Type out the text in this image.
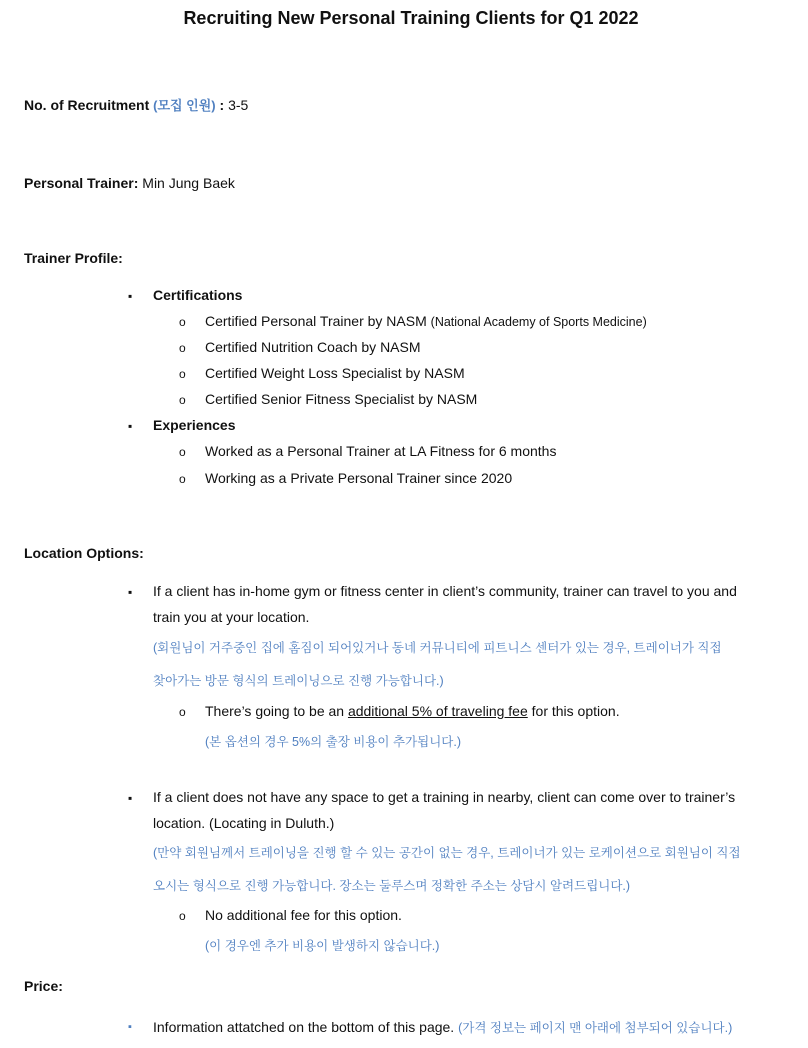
Recruiting New Personal Training Clients for Q1 2022
No. of Recruitment (모집 인원) : 3-5
Personal Trainer: Min Jung Baek
Trainer Profile:
▪ Certifications
o Certified Personal Trainer by NASM (National Academy of Sports Medicine)
o Certified Nutrition Coach by NASM
o Certified Weight Loss Specialist by NASM
o Certified Senior Fitness Specialist by NASM
▪ Experiences
o Worked as a Personal Trainer at LA Fitness for 6 months
o Working as a Private Personal Trainer since 2020
Location Options:
▪ If a client has in-home gym or fitness center in client’s community, trainer can travel to you and
train you at your location.
(회원님이 거주중인 집에 홈짐이 되어있거나 동네 커뮤니티에 피트니스 센터가 있는 경우, 트레이너가 직접
찾아가는 방문 형식의 트레이닝으로 진행 가능합니다.)
o There’s going to be an additional 5% of traveling fee for this option.
(본 옵션의 경우 5%의 출장 비용이 추가됩니다.)
▪ If a client does not have any space to get a training in nearby, client can come over to trainer’s
location. (Locating in Duluth.)
(만약 회원님께서 트레이닝을 진행 할 수 있는 공간이 없는 경우, 트레이너가 있는 로케이션으로 회원님이 직접
오시는 형식으로 진행 가능합니다. 장소는 둘루스며 정확한 주소는 상담시 알려드립니다.)
o No additional fee for this option.
(이 경우엔 추가 비용이 발생하지 않습니다.)
Price:
▪ Information attatched on the bottom of this page. (가격 정보는 페이지 맨 아래에 첨부되어 있습니다.)
